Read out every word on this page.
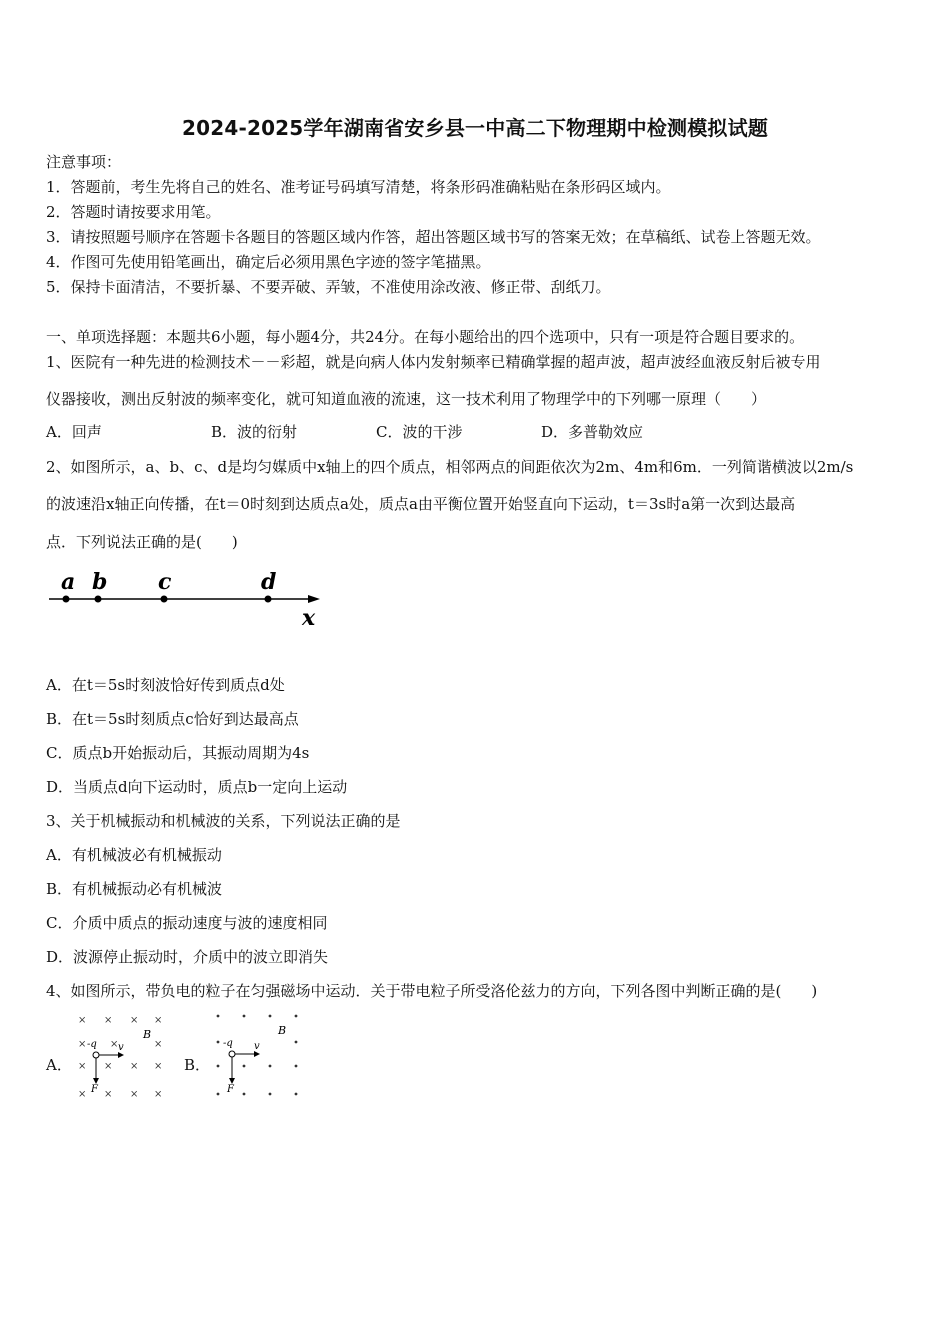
2024-2025学年湖南省安乡县一中高二下物理期中检测模拟试题
注意事项：
1．答题前，考生先将自己的姓名、准考证号码填写清楚，将条形码准确粘贴在条形码区域内。
2．答题时请按要求用笔。
3．请按照题号顺序在答题卡各题目的答题区域内作答，超出答题区域书写的答案无效；在草稿纸、试卷上答题无效。
4．作图可先使用铅笔画出，确定后必须用黑色字迹的签字笔描黑。
5．保持卡面清洁，不要折暴、不要弄破、弄皱，不准使用涂改液、修正带、刮纸刀。
一、单项选择题：本题共6小题，每小题4分，共24分。在每小题给出的四个选项中，只有一项是符合题目要求的。
1、医院有一种先进的检测技术－－彩超，就是向病人体内发射频率已精确掌握的超声波，超声波经血液反射后被专用
仪器接收，测出反射波的频率变化，就可知道血液的流速，这一技术利用了物理学中的下列哪一原理（　　）
A．回声	B．波的衍射	C．波的干涉	D．多普勒效应
2、如图所示，a、b、c、d是均匀媒质中x轴上的四个质点，相邻两点的间距依次为2m、4m和6m．一列简谐横波以2m/s
的波速沿x轴正向传播，在t＝0时刻到达质点a处，质点a由平衡位置开始竖直向下运动，t＝3s时a第一次到达最高
点．下列说法正确的是(　　)
a b c	d
x
A．在t＝5s时刻波恰好传到质点d处
B．在t＝5s时刻质点c恰好到达最高点
C．质点b开始振动后，其振动周期为4s
D．当质点d向下运动时，质点b一定向上运动
3、关于机械振动和机械波的关系，下列说法正确的是
A．有机械波必有机械振动
B．有机械振动必有机械波
C．介质中质点的振动速度与波的速度相同
D．波源停止振动时，介质中的波立即消失
4、如图所示，带负电的粒子在匀强磁场中运动．关于带电粒子所受洛伦兹力的方向，下列各图中判断正确的是(　　)
A．
× × × ×
×
× × × ×
× × ×
× ×
×
-q
B
v
F
B．
-q
B
v
F
